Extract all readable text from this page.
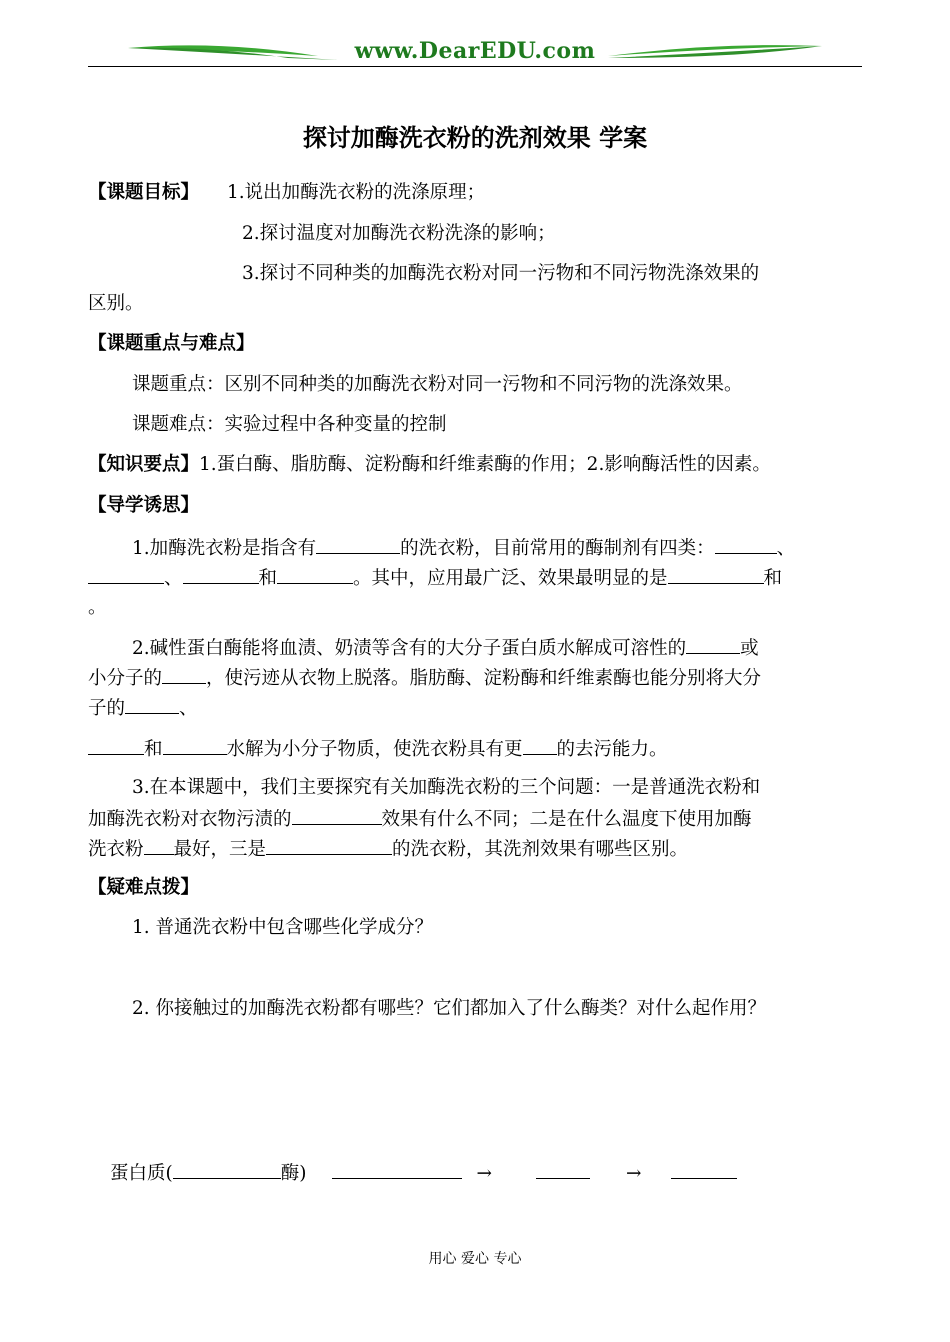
www.DearEDU.com
探讨加酶洗衣粉的洗剂效果 学案
【课题目标】 1.说出加酶洗衣粉的洗涤原理；
2.探讨温度对加酶洗衣粉洗涤的影响；
3.探讨不同种类的加酶洗衣粉对同一污物和不同污物洗涤效果的
区别。
【课题重点与难点】
课题重点：区别不同种类的加酶洗衣粉对同一污物和不同污物的洗涤效果。
课题难点：实验过程中各种变量的控制
【知识要点】1.蛋白酶、脂肪酶、淀粉酶和纤维素酶的作用；2.影响酶活性的因素。
【导学诱思】
1.加酶洗衣粉是指含有	的洗衣粉，目前常用的酶制剂有四类：	、
、	和	。其中，应用最广泛、效果最明显的是	和
。
2.碱性蛋白酶能将血渍、奶渍等含有的大分子蛋白质水解成可溶性的	或
小分子的 ，使污迹从衣物上脱落。脂肪酶、淀粉酶和纤维素酶也能分别将大分
子的	、
和	水解为小分子物质，使洗衣粉具有更 的去污能力。
3.在本课题中，我们主要探究有关加酶洗衣粉的三个问题：一是普通洗衣粉和
加酶洗衣粉对衣物污渍的	效果有什么不同；二是在什么温度下使用加酶
洗衣粉 最好，三是	的洗衣粉，其洗剂效果有哪些区别。
【疑难点拨】
1. 普通洗衣粉中包含哪些化学成分？
2. 你接触过的加酶洗衣粉都有哪些？它们都加入了什么酶类？对什么起作用？
蛋白质(	酶)	→	→
用心 爱心 专心
